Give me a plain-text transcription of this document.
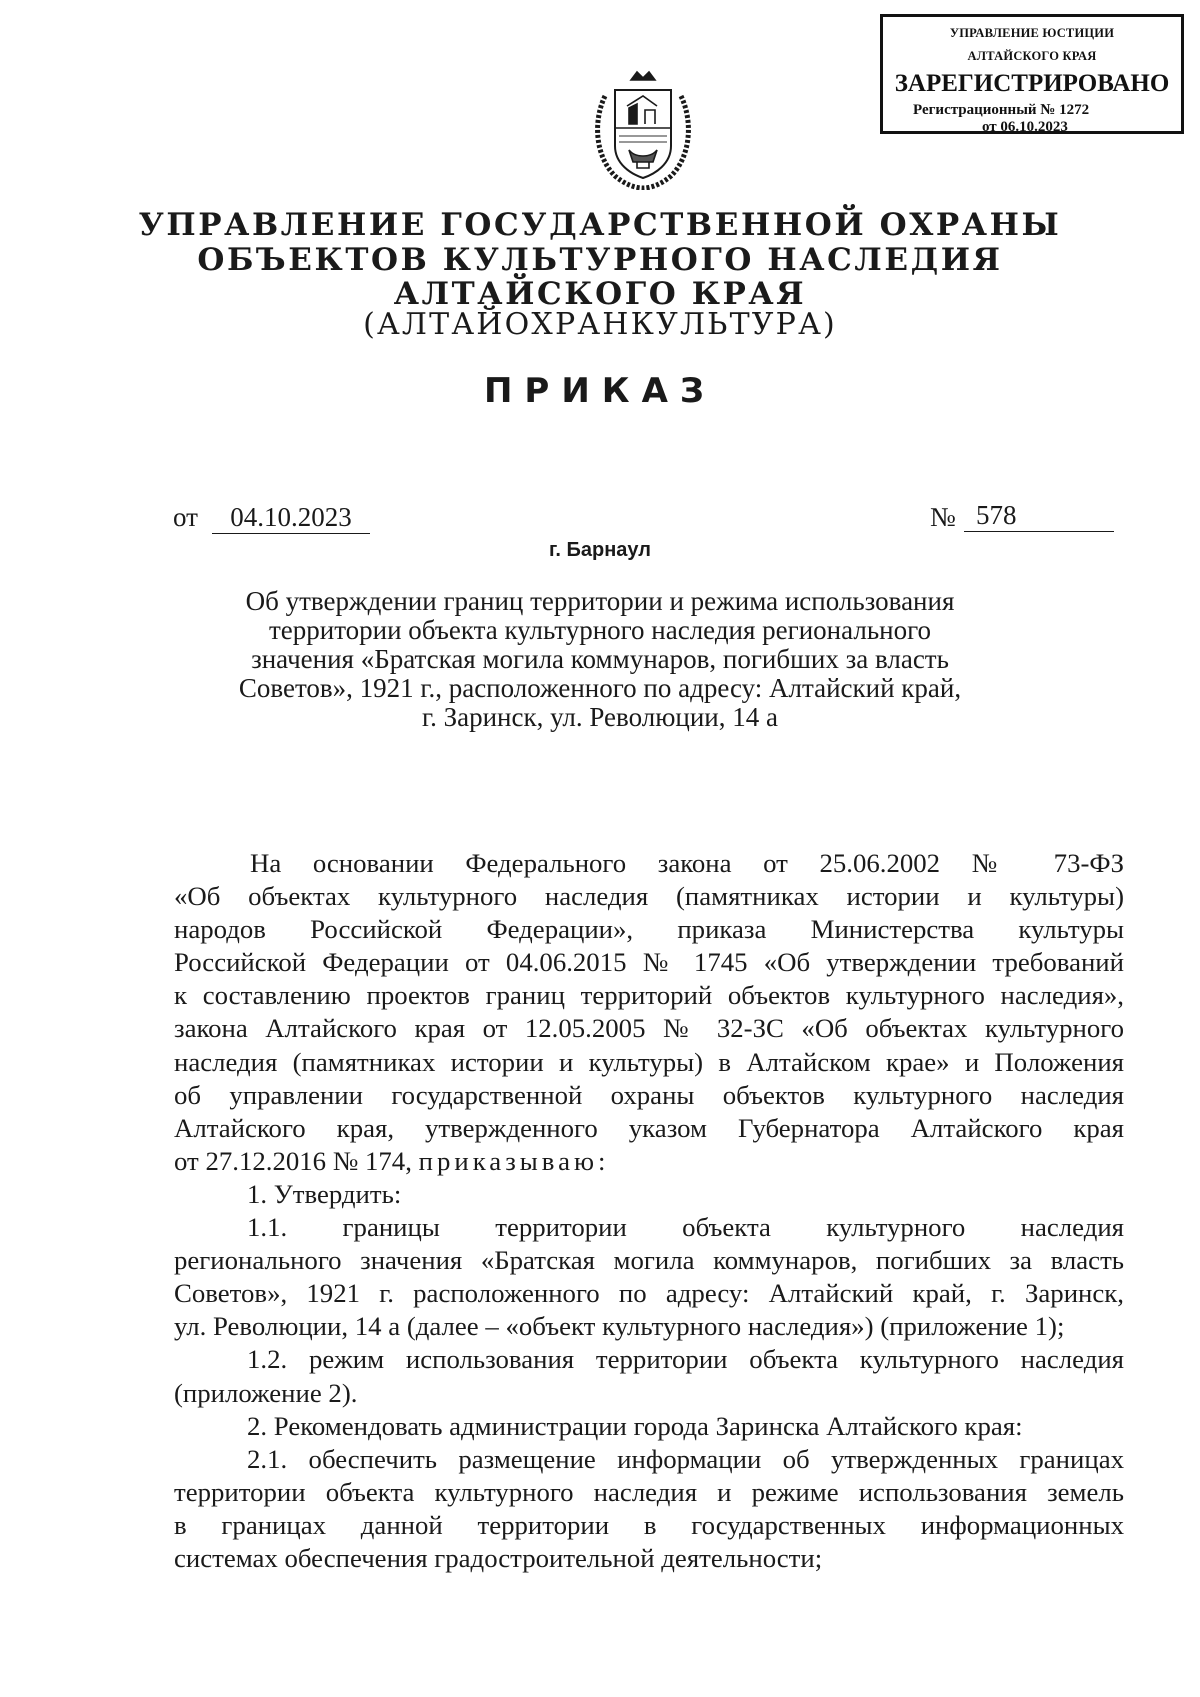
УПРАВЛЕНИЕ ЮСТИЦИИ
АЛТАЙСКОГО КРАЯ
ЗАРЕГИСТРИРОВАНО
Регистрационный № 1272
от 06.10.2023
УПРАВЛЕНИЕ ГОСУДАРСТВЕННОЙ ОХРАНЫ
ОБЪЕКТОВ КУЛЬТУРНОГО НАСЛЕДИЯ
АЛТАЙСКОГО КРАЯ
(АЛТАЙОХРАНКУЛЬТУРА)
ПРИКАЗ
от	04.10.2023	№ 578
г. Барнаул
Об утверждении границ территории и режима использования
территории объекта культурного наследия регионального
значения «Братская могила коммунаров, погибших за власть
Советов», 1921 г., расположенного по адресу: Алтайский край,
г. Заринск, ул. Революции, 14 а

На основании Федерального закона от 25.06.2002 № 73-ФЗ

«Об объектах культурного наследия (памятниках истории и культуры)

народов Российской Федерации», приказа Министерства культуры

Российской Федерации от 04.06.2015 № 1745 «Об утверждении требований

к составлению проектов границ территорий объектов культурного наследия»,

закона Алтайского края от 12.05.2005 № 32-ЗС «Об объектах культурного

наследия (памятниках истории и культуры) в Алтайском крае» и Положения

об управлении государственной охраны объектов культурного наследия

Алтайского края, утвержденного указом Губернатора Алтайского края

от 27.12.2016 № 174, приказываю:

1. Утвердить:

1.1. границы территории объекта культурного наследия

регионального значения «Братская могила коммунаров, погибших за власть

Советов», 1921 г. расположенного по адресу: Алтайский край, г. Заринск,

ул. Революции, 14 а (далее – «объект культурного наследия») (приложение 1);

1.2. режим использования территории объекта культурного наследия

(приложение 2).

2. Рекомендовать администрации города Заринска Алтайского края:

2.1. обеспечить размещение информации об утвержденных границах

территории объекта культурного наследия и режиме использования земель

в границах данной территории в государственных информационных

системах обеспечения градостроительной деятельности;
